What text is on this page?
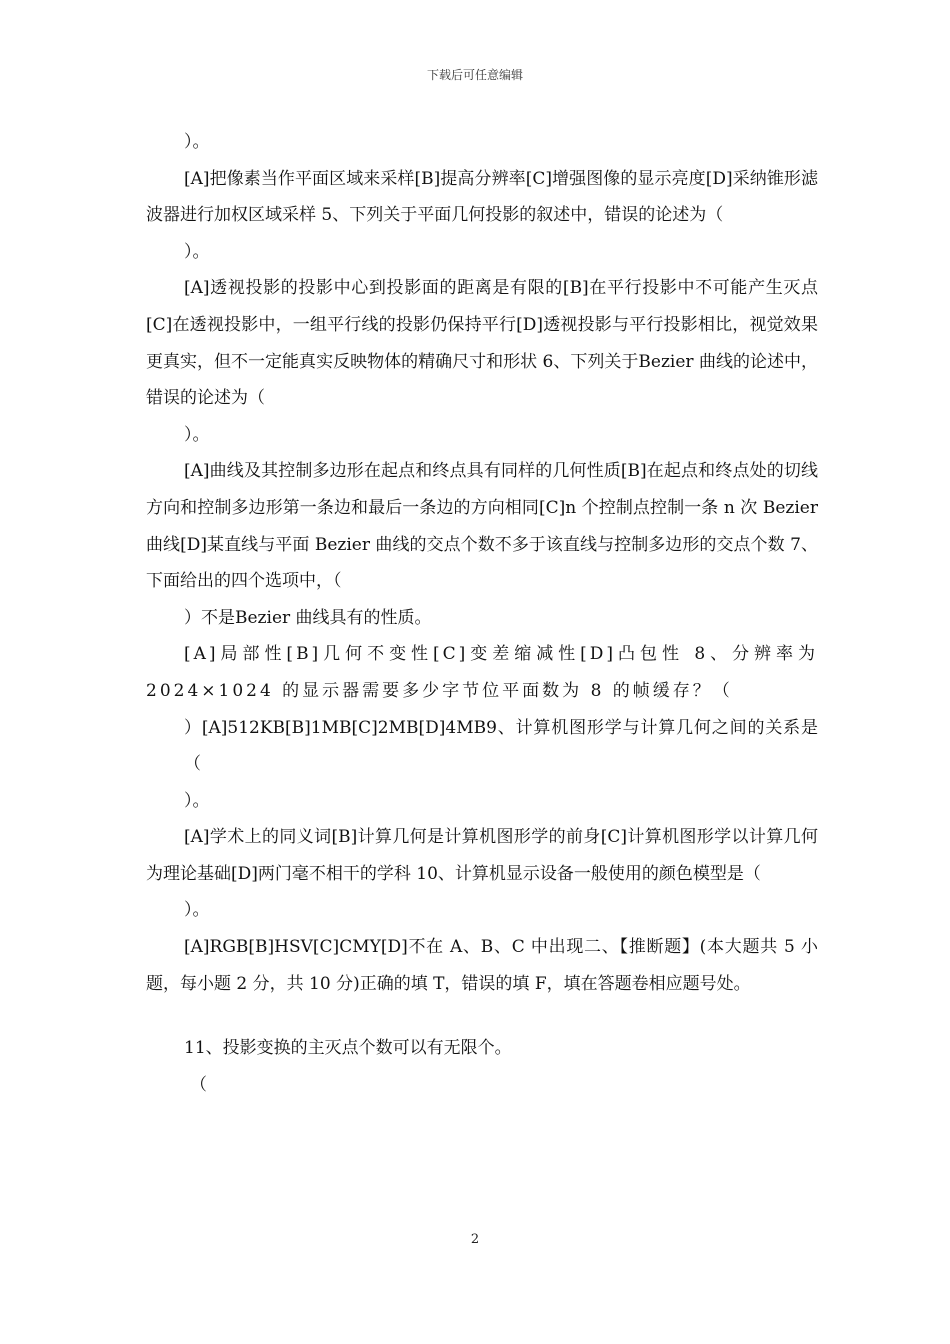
下载后可任意编辑

）。

[A]把像素当作平面区域来采样[B]提高分辨率[C]增强图像的显示亮度[D]采纳锥形滤波器进行加权区域采样 5、下列关于平面几何投影的叙述中，错误的论述为（

）。

[A]透视投影的投影中心到投影面的距离是有限的[B]在平行投影中不可能产生灭点[C]在透视投影中，一组平行线的投影仍保持平行[D]透视投影与平行投影相比，视觉效果更真实，但不一定能真实反映物体的精确尺寸和形状 6、下列关于Bezier 曲线的论述中，错误的论述为（

）。

[A]曲线及其控制多边形在起点和终点具有同样的几何性质[B]在起点和终点处的切线方向和控制多边形第一条边和最后一条边的方向相同[C]n 个控制点控制一条 n 次 Bezier 曲线[D]某直线与平面 Bezier 曲线的交点个数不多于该直线与控制多边形的交点个数 7、下面给出的四个选项中，（

）不是Bezier 曲线具有的性质。

[A]局部性[B]几何不变性[C]变差缩减性[D]凸包性 8、分辨率为2024×1024 的显示器需要多少字节位平面数为 8 的帧缓存？（

）[A]512KB[B]1MB[C]2MB[D]4MB9、计算机图形学与计算几何之间的关系是（

）。

[A]学术上的同义词[B]计算几何是计算机图形学的前身[C]计算机图形学以计算几何为理论基础[D]两门毫不相干的学科 10、计算机显示设备一般使用的颜色模型是（

）。

[A]RGB[B]HSV[C]CMY[D]不在 A、B、C 中出现二、【推断题】(本大题共 5 小题，每小题 2 分，共 10 分)正确的填 T，错误的填 F，填在答题卷相应题号处。

11、投影变换的主灭点个数可以有无限个。

（

2
